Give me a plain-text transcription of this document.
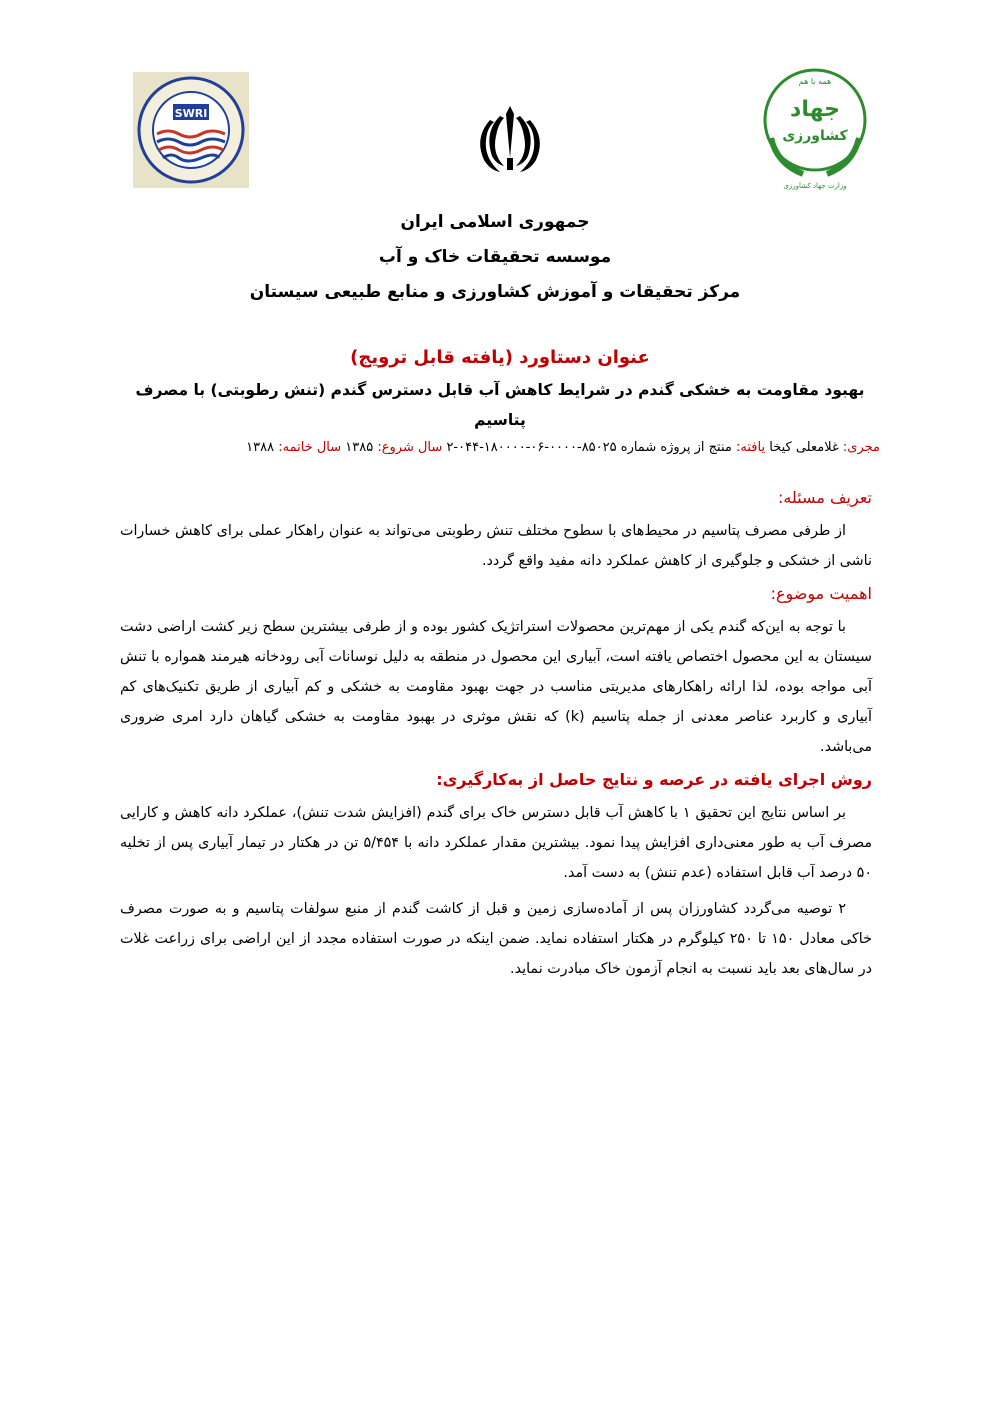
SWRI
همه با هم
جهاد
کشاورزی
وزارت جهاد کشاورزی
جمهوری اسلامی ایران
موسسه تحقیقات خاک و آب
مرکز تحقیقات و آموزش کشاورزی و منابع طبیعی سیستان
عنوان دستاورد (یافته قابل ترویج)
بهبود مقاومت به خشکی گندم در شرایط کاهش آب قابل دسترس گندم (تنش رطوبتی) با مصرف پتاسیم
مجری: غلامعلی کیخا یافته: منتج از پروژه شماره ۸۵۰۲۵-۰۰۰۰-۰۶-۱۸۰۰۰۰-۰۴۴-۲ سال شروع: ۱۳۸۵ سال خاتمه: ۱۳۸۸
تعریف مسئله:

از طرفی مصرف پتاسیم در محیط‌های با سطوح مختلف تنش رطوبتی می‌تواند به عنوان راهکار عملی برای کاهش خسارات ناشی از خشکی و جلوگیری از کاهش عملکرد دانه مفید واقع گردد.

اهمیت موضوع:

با توجه به این‌که گندم یکی از مهم‌ترین محصولات استراتژیک کشور بوده و از طرفی بیشترین سطح زیر کشت اراضی دشت سیستان به این محصول اختصاص یافته است، آبیاری این محصول در منطقه به دلیل نوسانات آبی رودخانه هیرمند همواره با تنش آبی مواجه بوده، لذا ارائه راهکارهای مدیریتی مناسب در جهت بهبود مقاومت به خشکی و کم آبیاری از طریق تکنیک‌های کم آبیاری و کاربرد عناصر معدنی از جمله پتاسیم (k) که نقش موثری در بهبود مقاومت به خشکی گیاهان دارد امری ضروری می‌باشد.

روش اجرای یافته در عرصه و نتایج حاصل از به‌کارگیری:

بر اساس نتایج این تحقیق ۱ با کاهش آب قابل دسترس خاک برای گندم (افزایش شدت تنش)، عملکرد دانه کاهش و کارایی مصرف آب به طور معنی‌داری افزایش پیدا نمود. بیشترین مقدار عملکرد دانه با ۵/۴۵۴ تن در هکتار در تیمار آبیاری پس از تخلیه ۵۰ درصد آب قابل استفاده (عدم تنش) به دست آمد.

۲ توصیه می‌گردد کشاورزان پس از آماده‌سازی زمین و قبل از کاشت گندم از منبع سولفات پتاسیم و به صورت مصرف خاکی معادل ۱۵۰ تا ۲۵۰ کیلوگرم در هکتار استفاده نماید. ضمن اینکه در صورت استفاده مجدد از این اراضی برای زراعت غلات در سال‌های بعد باید نسبت به انجام آزمون خاک مبادرت نماید.
